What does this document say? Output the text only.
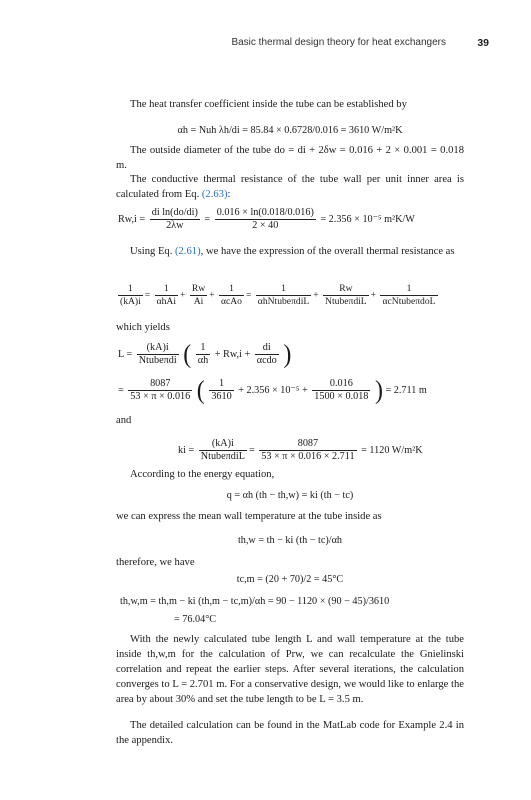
Basic thermal design theory for heat exchangers	39
The heat transfer coefficient inside the tube can be established by
αh = Nuh λh/di = 85.84 × 0.6728/0.016 = 3610 W/m²K
The outside diameter of the tube do = di + 2δw = 0.016 + 2 × 0.001 = 0.018 m.
The conductive thermal resistance of the tube wall per unit inner area is calculated from Eq. (2.63):
$Rw,i = \frac{\text{di ln(do/di)}}{2\lambda w} = \frac{0.016 \times \ln(0.018/0.016)}{2 \times 40} = 2.356 \times 10^{-5}$ m²K/W
Using Eq. (2.61), we have the expression of the overall thermal resistance as
$\frac{1}{(kA)i} = \frac{1}{\text{αhAi}} + \frac{Rw}{Ai} + \frac{1}{\text{αcAo}} = \frac{1}{\text{αhNtubeπdiL}} + \frac{Rw}{\text{NtubeπdiL}} + \frac{1}{\text{αcNtubeπdoL}}$
which yields
$L = \frac{(kA)i}{\text{Ntubeπdi}}$ ( $\frac{1}{\alpha h} + Rw,i + \frac{di}{\text{αcdo}}$ )
= $\frac{8087}{53 \times \pi \times 0.016}$ ( $\frac{1}{3610} + 2.356 \times 10^{-5} + \frac{0.016}{1500 \times 0.018}$ ) = 2.711 m
and
ki = $\frac{(kA)i}{\text{NtubeπdiL}} = \frac{8087}{53 \times \pi \times 0.016 \times 2.711} = 1120$ W/m²K
According to the energy equation,
q = αh (th − th,w) = ki (th − tc)
we can express the mean wall temperature at the tube inside as
th,w = th − ki (th − tc)/αh
therefore, we have
tc,m = (20 + 70)/2 = 45°C
th,w,m = th,m − ki (th,m − tc,m)/αh = 90 − 1120 × (90 − 45)/3610
= 76.04°C
With the newly calculated tube length L and wall temperature at the tube inside th,w,m for the calculation of Prw, we can recalculate the Gnielinski correlation and repeat the earlier steps. After several iterations, the calculation converges to L = 2.701 m. For a conservative design, we would like to enlarge the area by about 30% and set the tube length to be L = 3.5 m.
The detailed calculation can be found in the MatLab code for Example 2.4 in the appendix.
